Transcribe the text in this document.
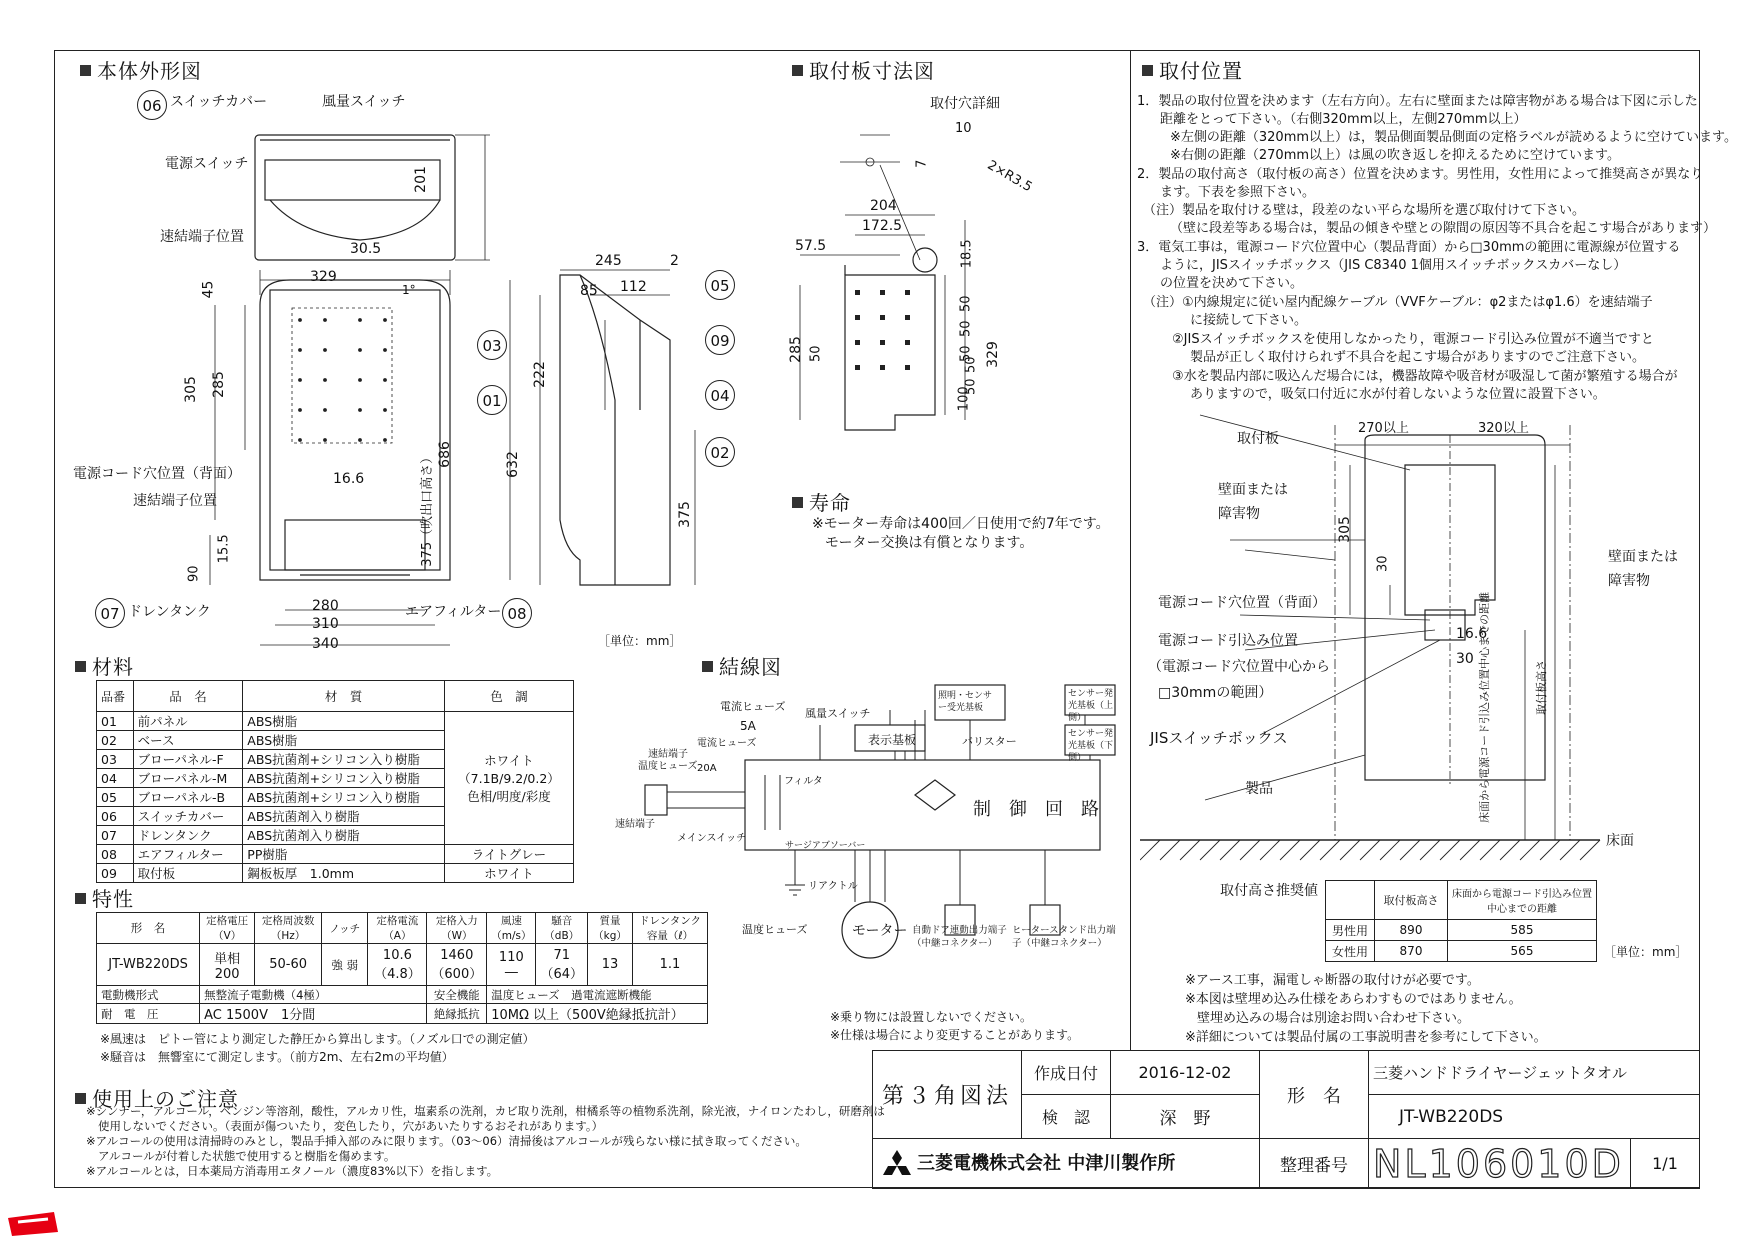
本体外形図
06 スイッチカバー	風量スイッチ
電源スイッチ
速結端子位置
201
30.5
329
45	1°
305 285
686
電源コード穴位置（背面）	16.6
速結端子位置	375（吹出口高さ）
15.5
90
07 ドレンタンク	280
310
340
エアフィルター 08
245	2
85 112	05
09
03
222
04
01
02
632
375
［単位：mm］
取付板寸法図
取付穴詳細
10
7	2×R3.5
204
172.5
57.5	18.5
50
50
50
285 50	329
100
50
50
寿命
※モーター寿命は400回／日使用で約7年です。
モーター交換は有償となります。
取付位置
1．製品の取付位置を決めます（左右方向）。左右に壁面または障害物がある場合は下図に示した
距離をとって下さい。（右側320mm以上，左側270mm以上）
※左側の距離（320mm以上）は，製品側面製品側面の定格ラベルが読めるように空けています。
※右側の距離（270mm以上）は風の吹き返しを抑えるために空けています。
2．製品の取付高さ（取付板の高さ）位置を決めます。男性用，女性用によって推奨高さが異なり
ます。下表を参照下さい。
（注）製品を取付ける壁は，段差のない平らな場所を選び取付けて下さい。
（壁に段差等ある場合は，製品の傾きや壁との隙間の原因等不具合を起こす場合があります）
3．電気工事は，電源コード穴位置中心（製品背面）から□30mmの範囲に電源線が位置する
ように，JISスイッチボックス（JIS C8340 1個用スイッチボックスカバーなし）
の位置を決めて下さい。
（注）①内線規定に従い屋内配線ケーブル（VVFケーブル：φ2またはφ1.6）を速結端子
に接続して下さい。
②JISスイッチボックスを使用しなかったり，電源コード引込み位置が不適当ですと
製品が正しく取付けられず不具合を起こす場合がありますのでご注意下さい。
③水を製品内部に吸込んだ場合には，機器故障や吸音材が吸湿して菌が繁殖する場合が
ありますので，吸気口付近に水が付着しないような位置に設置下さい。
取付板
270以上	320以上
壁面または
障害物
305
30	壁面または
障害物
電源コード穴位置（背面）
16.6
電源コード引込み位置
30
（電源コード穴位置中心から
□30mmの範囲）
JISスイッチボックス
製品
床面
床面から電源コード引込み位置中心までの距離	取付板高さ
取付高さ推奨値
	取付板高さ	床面から電源コード引込み位置中心までの距離
男性用	890	585
女性用	870	565	［単位：mm］
※アース工事，漏電しゃ断器の取付けが必要です。
※本図は壁埋め込み仕様をあらわすものではありません。
壁埋め込みの場合は別途お問い合わせ下さい。
※詳細については製品付属の工事説明書を参考にして下さい。
材料
品番	品　名	材　質	色　調
01	前パネル	ABS樹脂	ホワイト
（7.1B/9.2/0.2）
色相/明度/彩度
02	ベース	ABS樹脂	
03	ブローパネル-F	ABS抗菌剤+シリコン入り樹脂	
04	ブローパネル-M	ABS抗菌剤+シリコン入り樹脂	
05	ブローパネル-B	ABS抗菌剤+シリコン入り樹脂	
06	スイッチカバー	ABS抗菌剤入り樹脂	
07	ドレンタンク	ABS抗菌剤入り樹脂	
08	エアフィルター	PP樹脂	ライトグレー
09	取付板	鋼板板厚　1.0mm	ホワイト
特性
形　名	定格電圧（V）	定格周波数（Hz）	ノッチ	定格電流（A）	定格入力（W）	風速（m/s）	騒音（dB）	質量（kg）	ドレンタンク容量（ℓ）
JT-WB220DS	単相 200	50-60	強 弱	10.6 （4.8）	1460 （600）	110 ―	71 （64）	13	1.1
電動機形式	無整流子電動機（4極）				安全機能	温度ヒューズ　過電流遮断機能			
耐　電　圧	AC 1500V　1分間				絶縁抵抗	10MΩ 以上（500V絶縁抵抗計）			
※風速は　ピトー管により測定した静圧から算出します。（ノズル口での測定値）
※騒音は　無響室にて測定します。（前方2m、左右2mの平均値）
結線図
電流ヒューズ
5A
風量スイッチ
照明・センサー受光基板
センサー発光基板（上側）
センサー発光基板（下側）
表示基板	バリスター
速結端子
温度ヒューズ
電流ヒューズ
20A
フィルタ
制　御　回　路
速結端子
メインスイッチ
サージアブソーバー
リアクトル
温度ヒューズ	モーター 自動ドア連動出力端子（中継コネクター）
ヒータースタンド出力端子（中継コネクター）
※乗り物には設置しないでください。
※仕様は場合により変更することがあります。
使用上のご注意
※シンナー，アルコール，ベンジン等溶剤，酸性，アルカリ性，塩素系の洗剤，カビ取り洗剤，柑橘系等の植物系洗剤，除光液，ナイロンたわし，研磨剤は
使用しないでください。（表面が傷ついたり，変色したり，穴があいたりするおそれがあります。）
※アルコールの使用は清掃時のみとし，製品手挿入部のみに限ります。（03〜06）清掃後はアルコールが残らない様に拭き取ってください。
アルコールが付着した状態で使用すると樹脂を傷めます。
※アルコールとは，日本薬局方消毒用エタノール（濃度83%以下）を指します。
第３角図法	作成日付	2016-12-02	形　名	三菱ハンドドライヤージェットタオル	
	検　認	深　野		JT-WB220DS	
三菱電機株式会社 中津川製作所			整理番号	NL106010D	1/1
